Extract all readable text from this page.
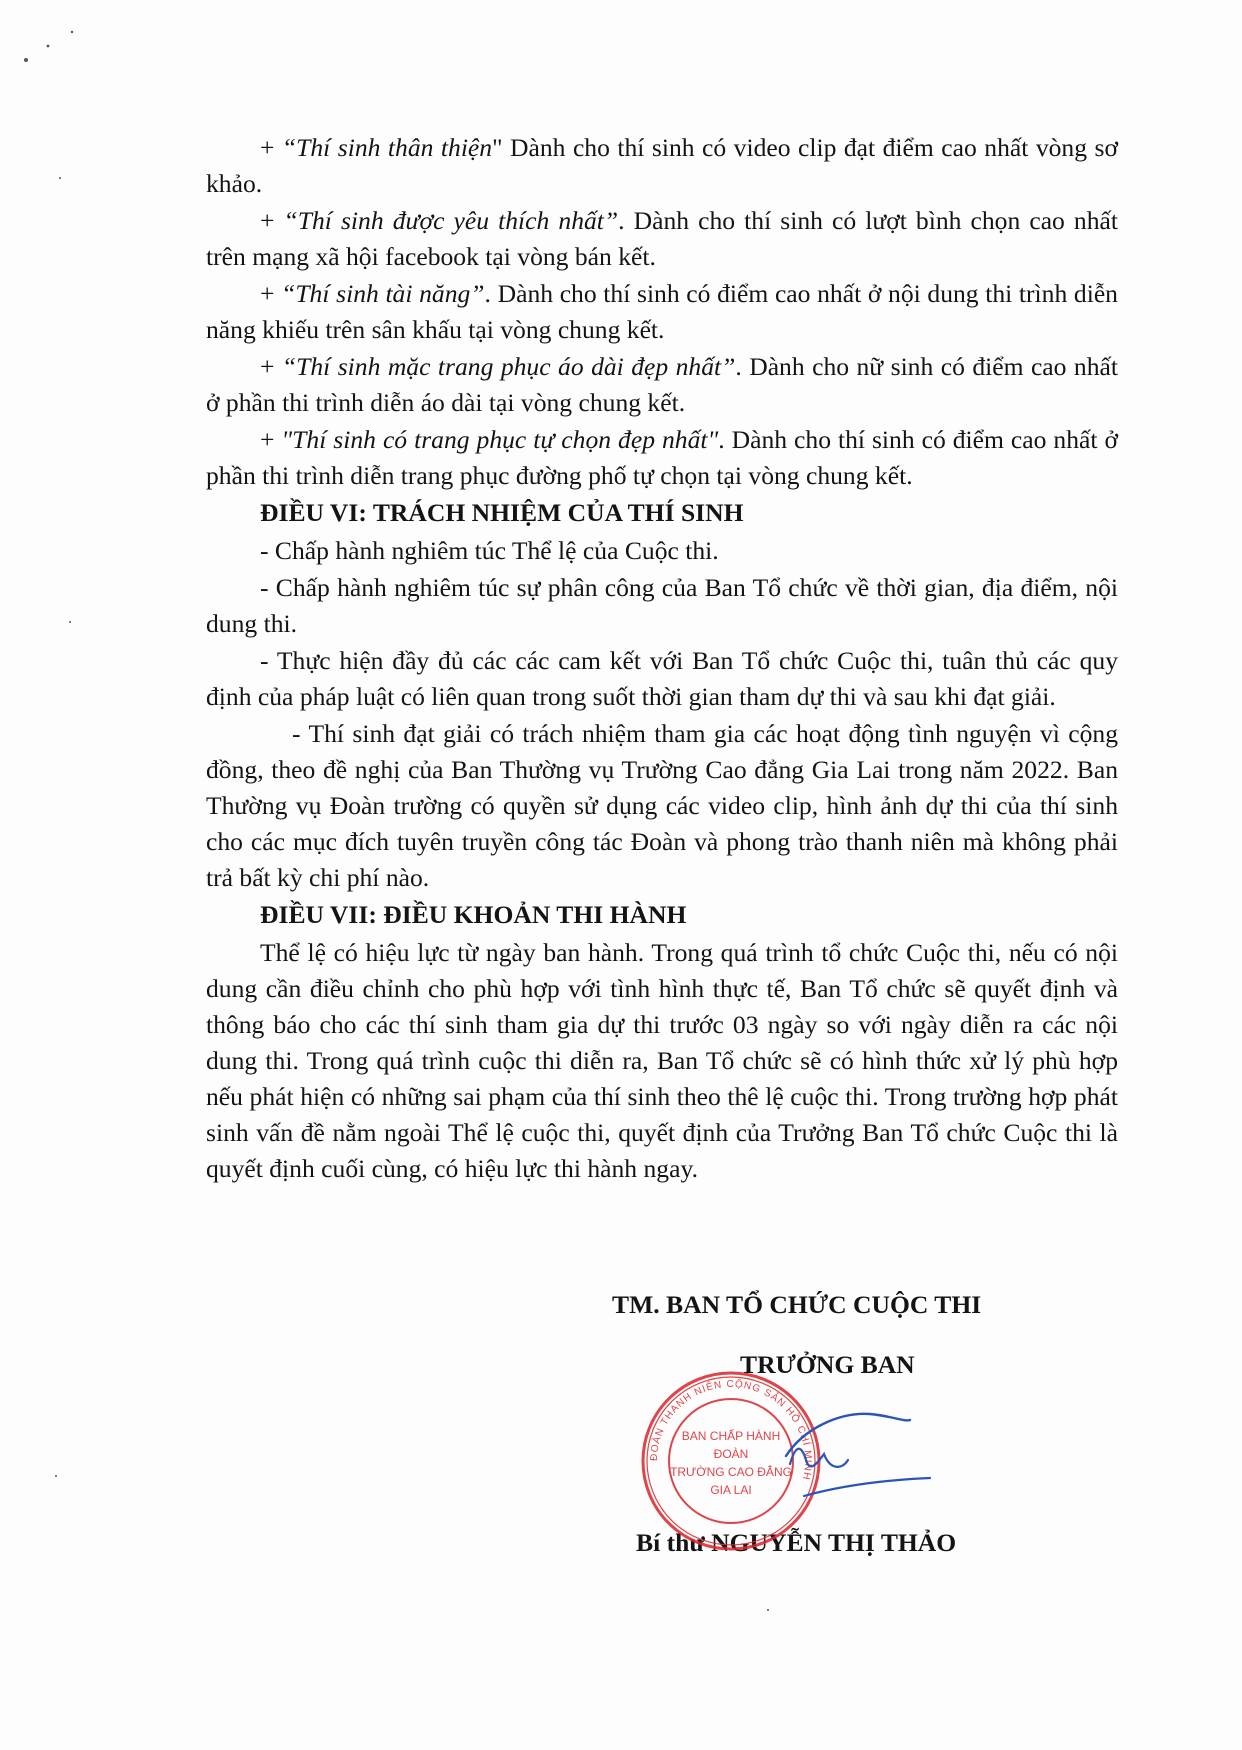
+ “Thí sinh thân thiện" Dành cho thí sinh có video clip đạt điểm cao nhất vòng sơ khảo.

+ “Thí sinh được yêu thích nhất”. Dành cho thí sinh có lượt bình chọn cao nhất trên mạng xã hội facebook tại vòng bán kết.

+ “Thí sinh tài năng”. Dành cho thí sinh có điểm cao nhất ở nội dung thi trình diễn năng khiếu trên sân khấu tại vòng chung kết.

+ “Thí sinh mặc trang phục áo dài đẹp nhất”. Dành cho nữ sinh có điểm cao nhất ở phần thi trình diễn áo dài tại vòng chung kết.

+ "Thí sinh có trang phục tự chọn đẹp nhất". Dành cho thí sinh có điểm cao nhất ở phần thi trình diễn trang phục đường phố tự chọn tại vòng chung kết.

ĐIỀU VI: TRÁCH NHIỆM CỦA THÍ SINH

- Chấp hành nghiêm túc Thể lệ của Cuộc thi.

- Chấp hành nghiêm túc sự phân công của Ban Tổ chức về thời gian, địa điểm, nội dung thi.

- Thực hiện đầy đủ các các cam kết với Ban Tổ chức Cuộc thi, tuân thủ các quy định của pháp luật có liên quan trong suốt thời gian tham dự thi và sau khi đạt giải.

- Thí sinh đạt giải có trách nhiệm tham gia các hoạt động tình nguyện vì cộng đồng, theo đề nghị của Ban Thường vụ Trường Cao đẳng Gia Lai trong năm 2022. Ban Thường vụ Đoàn trường có quyền sử dụng các video clip, hình ảnh dự thi của thí sinh cho các mục đích tuyên truyền công tác Đoàn và phong trào thanh niên mà không phải trả bất kỳ chi phí nào.

ĐIỀU VII: ĐIỀU KHOẢN THI HÀNH

Thể lệ có hiệu lực từ ngày ban hành. Trong quá trình tổ chức Cuộc thi, nếu có nội dung cần điều chỉnh cho phù hợp với tình hình thực tế, Ban Tổ chức sẽ quyết định và thông báo cho các thí sinh tham gia dự thi trước 03 ngày so với ngày diễn ra các nội dung thi. Trong quá trình cuộc thi diễn ra, Ban Tổ chức sẽ có hình thức xử lý phù hợp nếu phát hiện có những sai phạm của thí sinh theo thê lệ cuộc thi. Trong trường hợp phát sinh vấn đề nằm ngoài Thể lệ cuộc thi, quyết định của Trưởng Ban Tổ chức Cuộc thi là quyết định cuối cùng, có hiệu lực thi hành ngay.

TM. BAN TỔ CHỨC CUỘC THI
TRƯỞNG BAN
Bí thư NGUYỄN THỊ THẢO
ĐOÀN THANH NIÊN CỘNG SẢN HỒ CHÍ MINH
BAN CHẤP HÀNH
ĐOÀN
TRƯỜNG CAO ĐẲNG
GIA LAI
